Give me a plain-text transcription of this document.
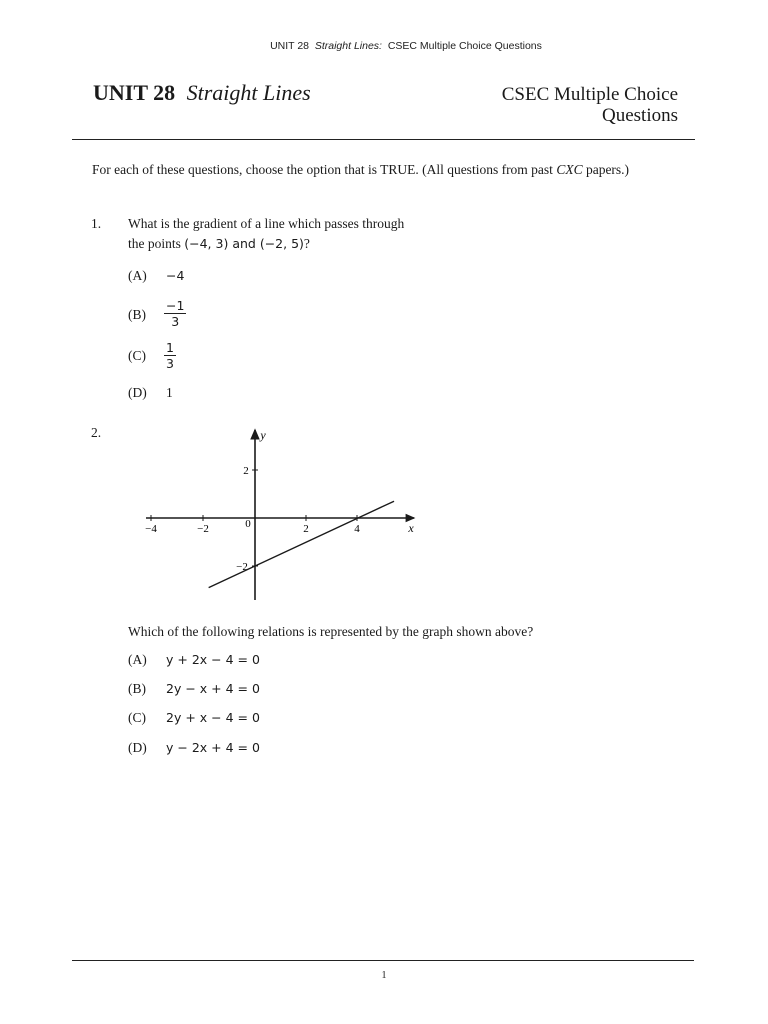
UNIT 28 Straight Lines: CSEC Multiple Choice Questions
UNIT 28 Straight Lines	CSEC Multiple Choice
Questions
For each of these questions, choose the option that is TRUE. (All questions from past CXC papers.)
1. What is the gradient of a line which passes through
the points (−4, 3) and (−2, 5)?
(A) −4
$(B) \frac{-1}{3}$
$(C) \frac{1}{3}$
(D) 1
2.
−4	−2	0	2	4
2
−2
x
y
Which of the following relations is represented by the graph shown above?
(A) y + 2x − 4 = 0
(B) 2y − x + 4 = 0
(C) 2y + x − 4 = 0
(D) y − 2x + 4 = 0
1
